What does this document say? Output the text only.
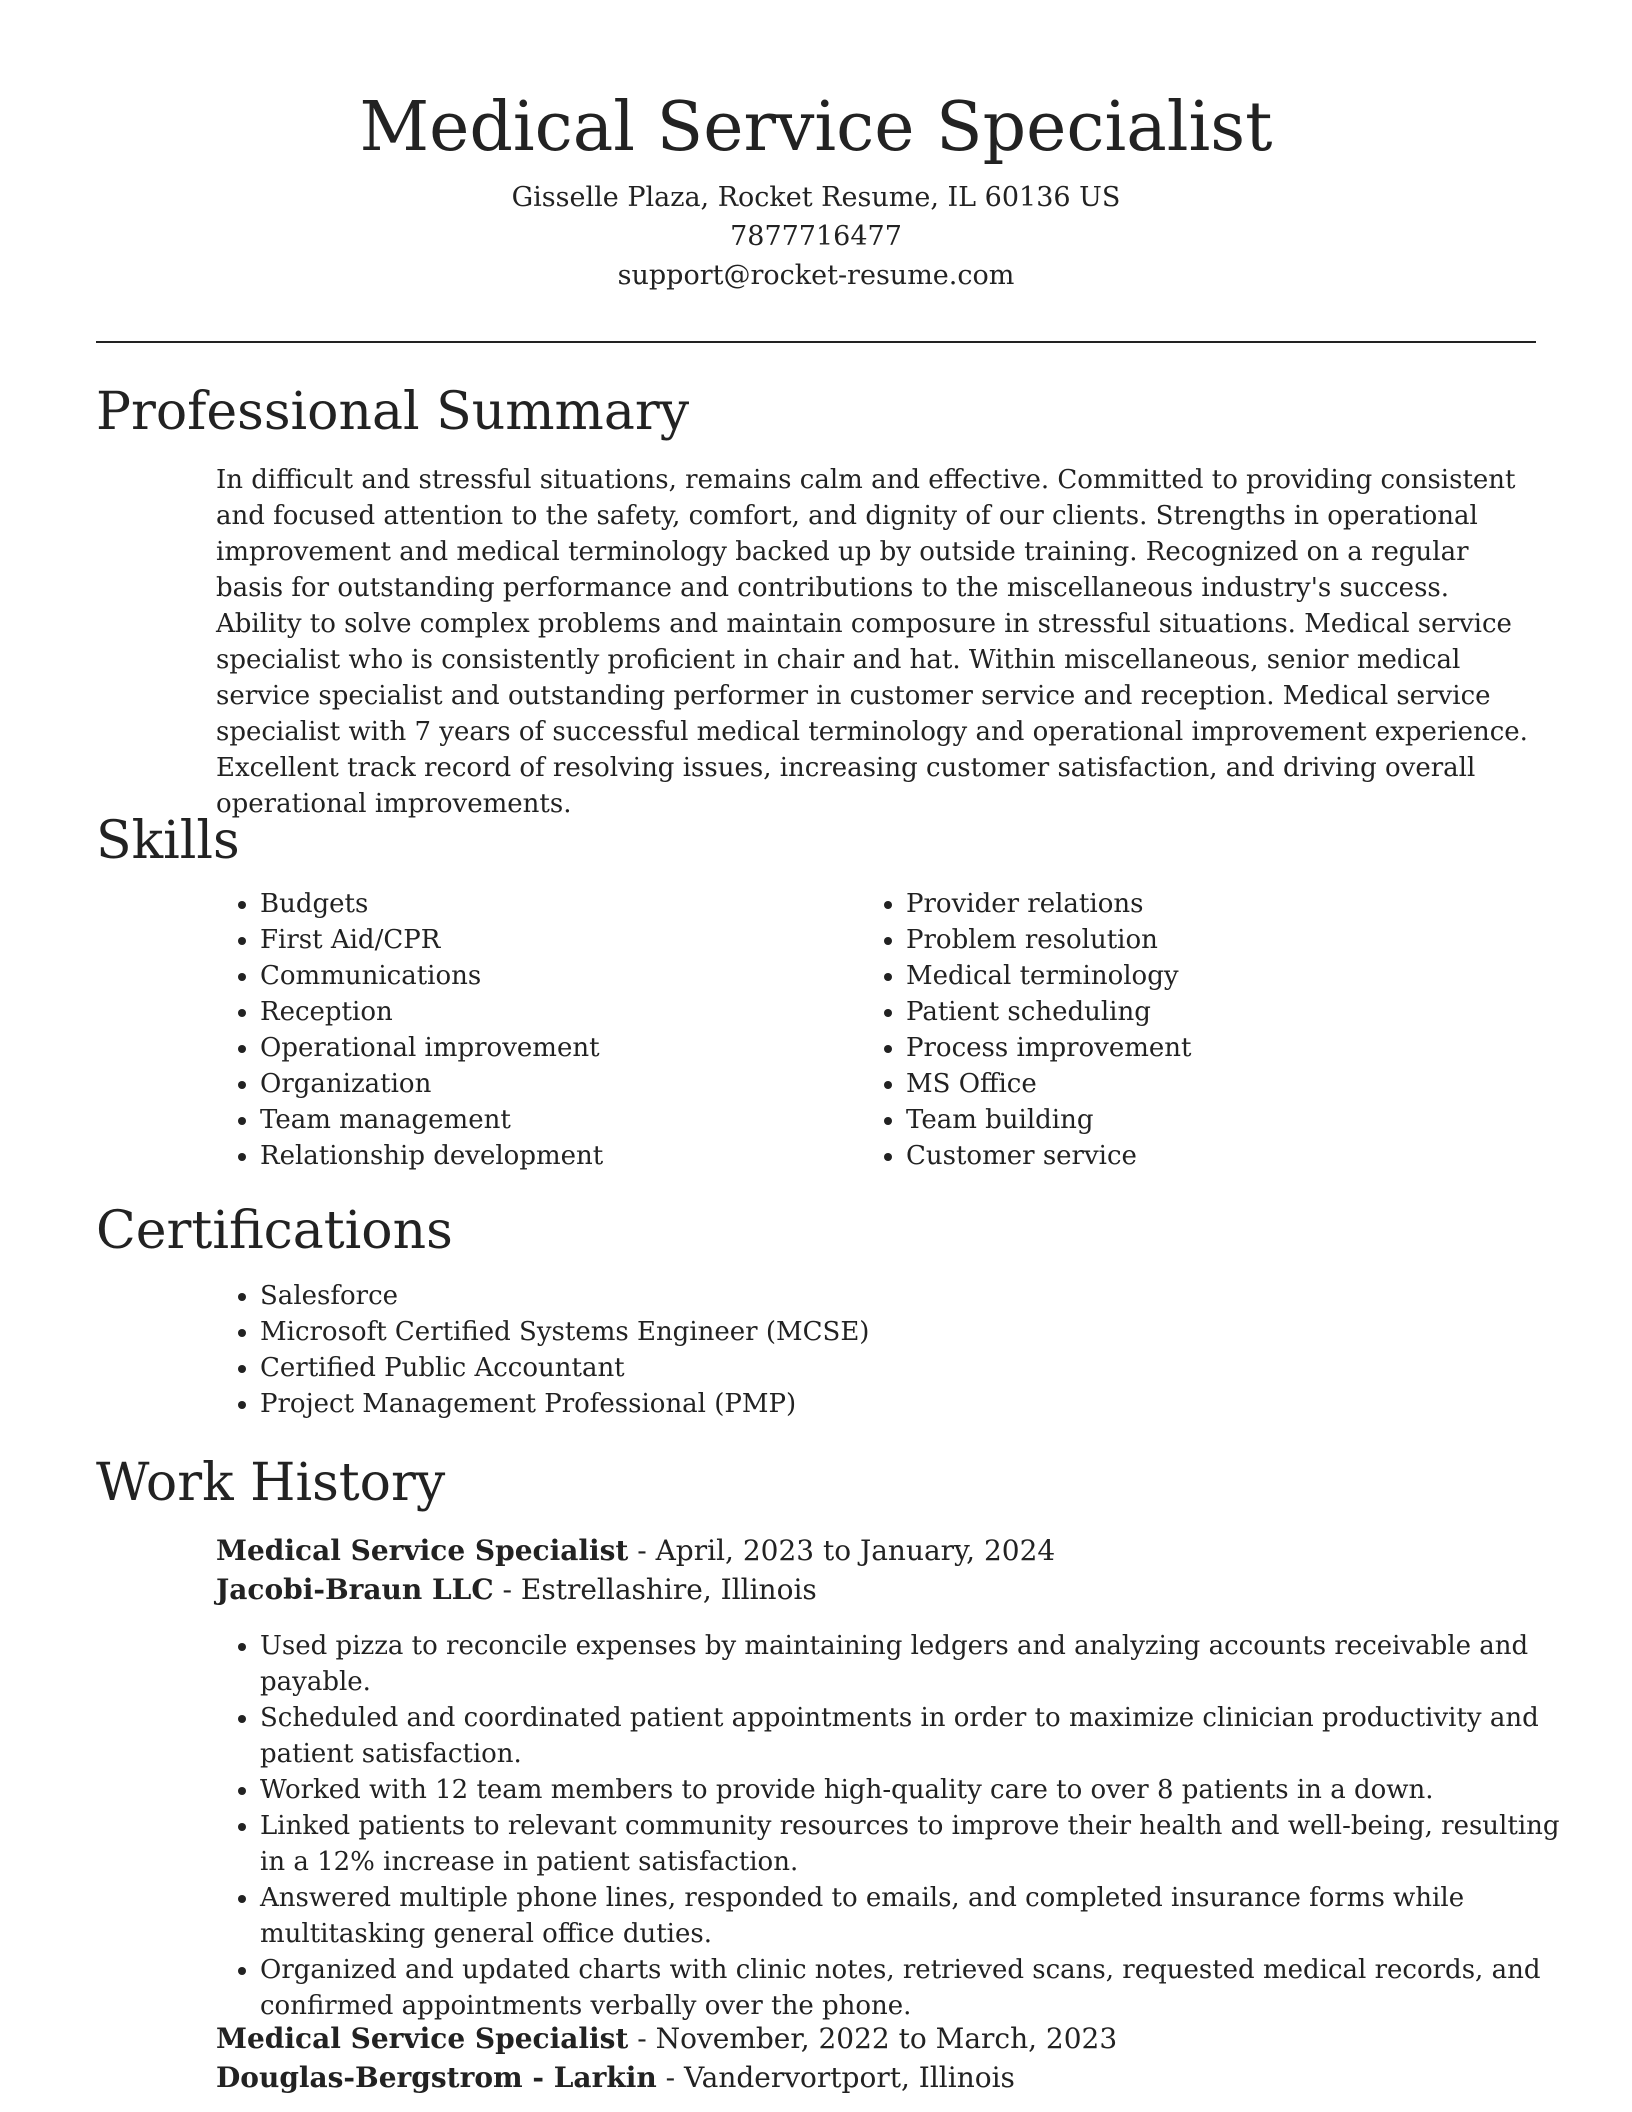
Medical Service Specialist
Gisselle Plaza, Rocket Resume, IL 60136 US
7877716477
support@rocket-resume.com
Professional Summary

In difficult and stressful situations, remains calm and effective. Committed to providing consistent and focused attention to the safety, comfort, and dignity of our clients. Strengths in operational improvement and medical terminology backed up by outside training. Recognized on a regular basis for outstanding performance and contributions to the miscellaneous industry's success. Ability to solve complex problems and maintain composure in stressful situations. Medical service specialist who is consistently proficient in chair and hat. Within miscellaneous, senior medical service specialist and outstanding performer in customer service and reception. Medical service specialist with 7 years of successful medical terminology and operational improvement experience. Excellent track record of resolving issues, increasing customer satisfaction, and driving overall operational improvements.

Skills
• Budgets
• First Aid/CPR
• Communications
• Reception
• Operational improvement
• Organization
• Team management
• Relationship development
• Provider relations
• Problem resolution
• Medical terminology
• Patient scheduling
• Process improvement
• MS Office
• Team building
• Customer service
Certifications
• Salesforce
• Microsoft Certified Systems Engineer (MCSE)
• Certified Public Accountant
• Project Management Professional (PMP)
Work History
Medical Service Specialist - April, 2023 to January, 2024
Jacobi-Braun LLC - Estrellashire, Illinois
• Used pizza to reconcile expenses by maintaining ledgers and analyzing accounts receivable and payable.
• Scheduled and coordinated patient appointments in order to maximize clinician productivity and patient satisfaction.
• Worked with 12 team members to provide high-quality care to over 8 patients in a down.
• Linked patients to relevant community resources to improve their health and well-being, resulting in a 12% increase in patient satisfaction.
• Answered multiple phone lines, responded to emails, and completed insurance forms while multitasking general office duties.
• Organized and updated charts with clinic notes, retrieved scans, requested medical records, and confirmed appointments verbally over the phone.
Medical Service Specialist - November, 2022 to March, 2023
Douglas-Bergstrom - Larkin - Vandervortport, Illinois
